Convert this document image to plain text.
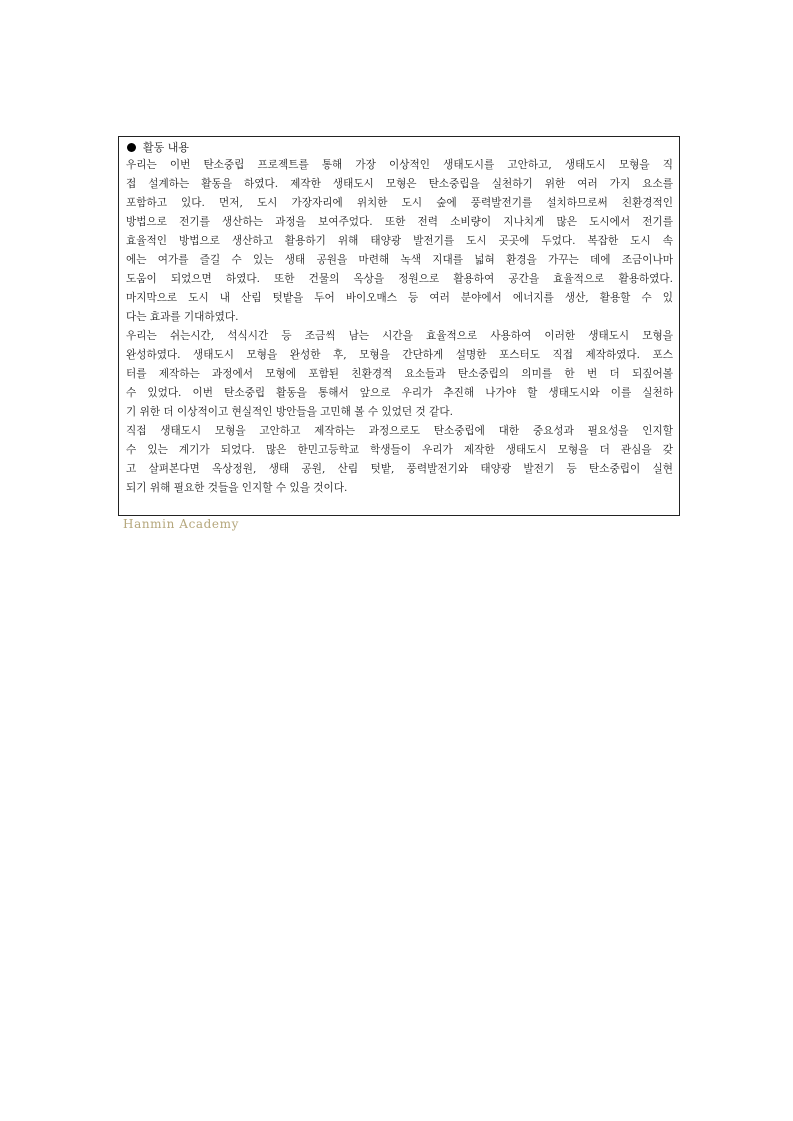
활동 내용
우리는 이번 탄소중립 프로젝트를 통해 가장 이상적인 생태도시를 고안하고, 생태도시 모형을 직
접 설계하는 활동을 하였다. 제작한 생태도시 모형은 탄소중립을 실천하기 위한 여러 가지 요소를
포함하고 있다. 먼저, 도시 가장자리에 위치한 도시 숲에 풍력발전기를 설치하므로써 친환경적인
방법으로 전기를 생산하는 과정을 보여주었다. 또한 전력 소비량이 지나치게 많은 도시에서 전기를
효율적인 방법으로 생산하고 활용하기 위해 태양광 발전기를 도시 곳곳에 두었다. 복잡한 도시 속
에는 여가를 즐길 수 있는 생태 공원을 마련해 녹색 지대를 넓혀 환경을 가꾸는 데에 조금이나마
도움이 되었으면 하였다. 또한 건물의 옥상을 정원으로 활용하여 공간을 효율적으로 활용하였다.
마지막으로 도시 내 산림 텃밭을 두어 바이오매스 등 여러 분야에서 에너지를 생산, 활용할 수 있
다는 효과를 기대하였다.
우리는 쉬는시간, 석식시간 등 조금씩 남는 시간을 효율적으로 사용하여 이러한 생태도시 모형을
완성하였다. 생태도시 모형을 완성한 후, 모형을 간단하게 설명한 포스터도 직접 제작하였다. 포스
터를 제작하는 과정에서 모형에 포함된 친환경적 요소들과 탄소중립의 의미를 한 번 더 되짚어볼
수 있었다. 이번 탄소중립 활동을 통해서 앞으로 우리가 추진해 나가야 할 생태도시와 이를 실천하
기 위한 더 이상적이고 현실적인 방안들을 고민해 볼 수 있었던 것 같다.
직접 생태도시 모형을 고안하고 제작하는 과정으로도 탄소중립에 대한 중요성과 필요성을 인지할
수 있는 계기가 되었다. 많은 한민고등학교 학생들이 우리가 제작한 생태도시 모형을 더 관심을 갖
고 살펴본다면 옥상정원, 생태 공원, 산림 텃밭, 풍력발전기와 태양광 발전기 등 탄소중립이 실현
되기 위해 필요한 것들을 인지할 수 있을 것이다.
Hanmin Academy
